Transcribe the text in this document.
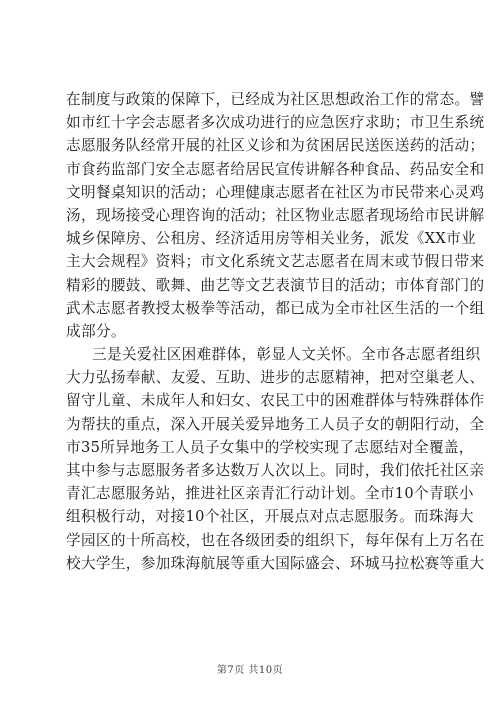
在制度与政策的保障下，已经成为社区思想政治工作的常态。譬
如市红十字会志愿者多次成功进行的应急医疗求助；市卫生系统
志愿服务队经常开展的社区义诊和为贫困居民送医送药的活动；
市食药监部门安全志愿者给居民宣传讲解各种食品、药品安全和
文明餐桌知识的活动；心理健康志愿者在社区为市民带来心灵鸡
汤，现场接受心理咨询的活动；社区物业志愿者现场给市民讲解
城乡保障房、公租房、经济适用房等相关业务，派发《XX市业
主大会规程》资料；市文化系统文艺志愿者在周末或节假日带来
精彩的腰鼓、歌舞、曲艺等文艺表演节目的活动；市体育部门的
武术志愿者教授太极拳等活动，都已成为全市社区生活的一个组
成部分。
三是关爱社区困难群体，彰显人文关怀。全市各志愿者组织
大力弘扬奉献、友爱、互助、进步的志愿精神，把对空巢老人、
留守儿童、未成年人和妇女、农民工中的困难群体与特殊群体作
为帮扶的重点，深入开展关爱异地务工人员子女的朝阳行动，全
市35所异地务工人员子女集中的学校实现了志愿结对全覆盖，
其中参与志愿服务者多达数万人次以上。同时，我们依托社区亲
青汇志愿服务站，推进社区亲青汇行动计划。全市10个青联小
组积极行动，对接10个社区，开展点对点志愿服务。而珠海大
学园区的十所高校，也在各级团委的组织下，每年保有上万名在
校大学生，参加珠海航展等重大国际盛会、环城马拉松赛等重大
第7页 共10页
